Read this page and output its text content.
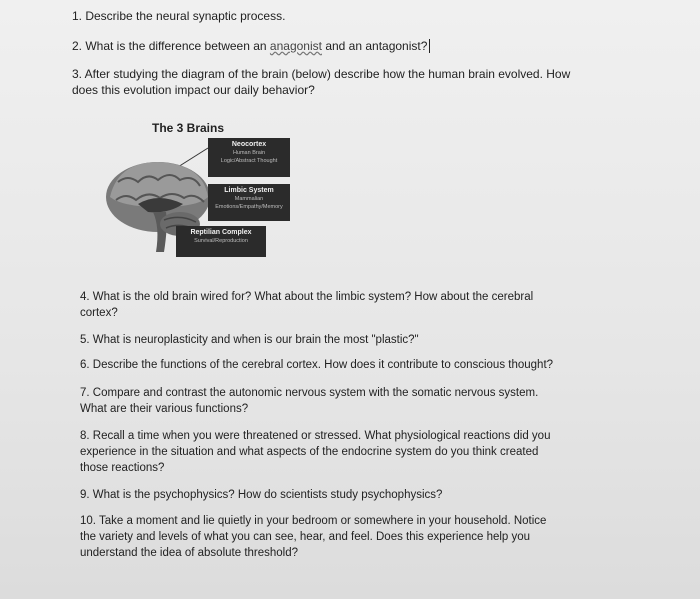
1. Describe the neural synaptic process.

2. What is the difference between an anagonist and an antagonist?

3. After studying the diagram of the brain (below) describe how the human brain evolved. How

does this evolution impact our daily behavior?

The 3 Brains
Neocortex
Human Brain
Logic/Abstract Thought
Limbic System
Mammalian
Emotions/Empathy/Memory
Reptilian Complex
Survival/Reproduction

4. What is the old brain wired for? What about the limbic system? How about the cerebral

cortex?

5. What is neuroplasticity and when is our brain the most "plastic?"

6. Describe the functions of the cerebral cortex. How does it contribute to conscious thought?

7. Compare and contrast the autonomic nervous system with the somatic nervous system.

What are their various functions?

8. Recall a time when you were threatened or stressed. What physiological reactions did you

experience in the situation and what aspects of the endocrine system do you think created

those reactions?

9. What is the psychophysics? How do scientists study psychophysics?

10. Take a moment and lie quietly in your bedroom or somewhere in your household. Notice

the variety and levels of what you can see, hear, and feel. Does this experience help you

understand the idea of absolute threshold?
